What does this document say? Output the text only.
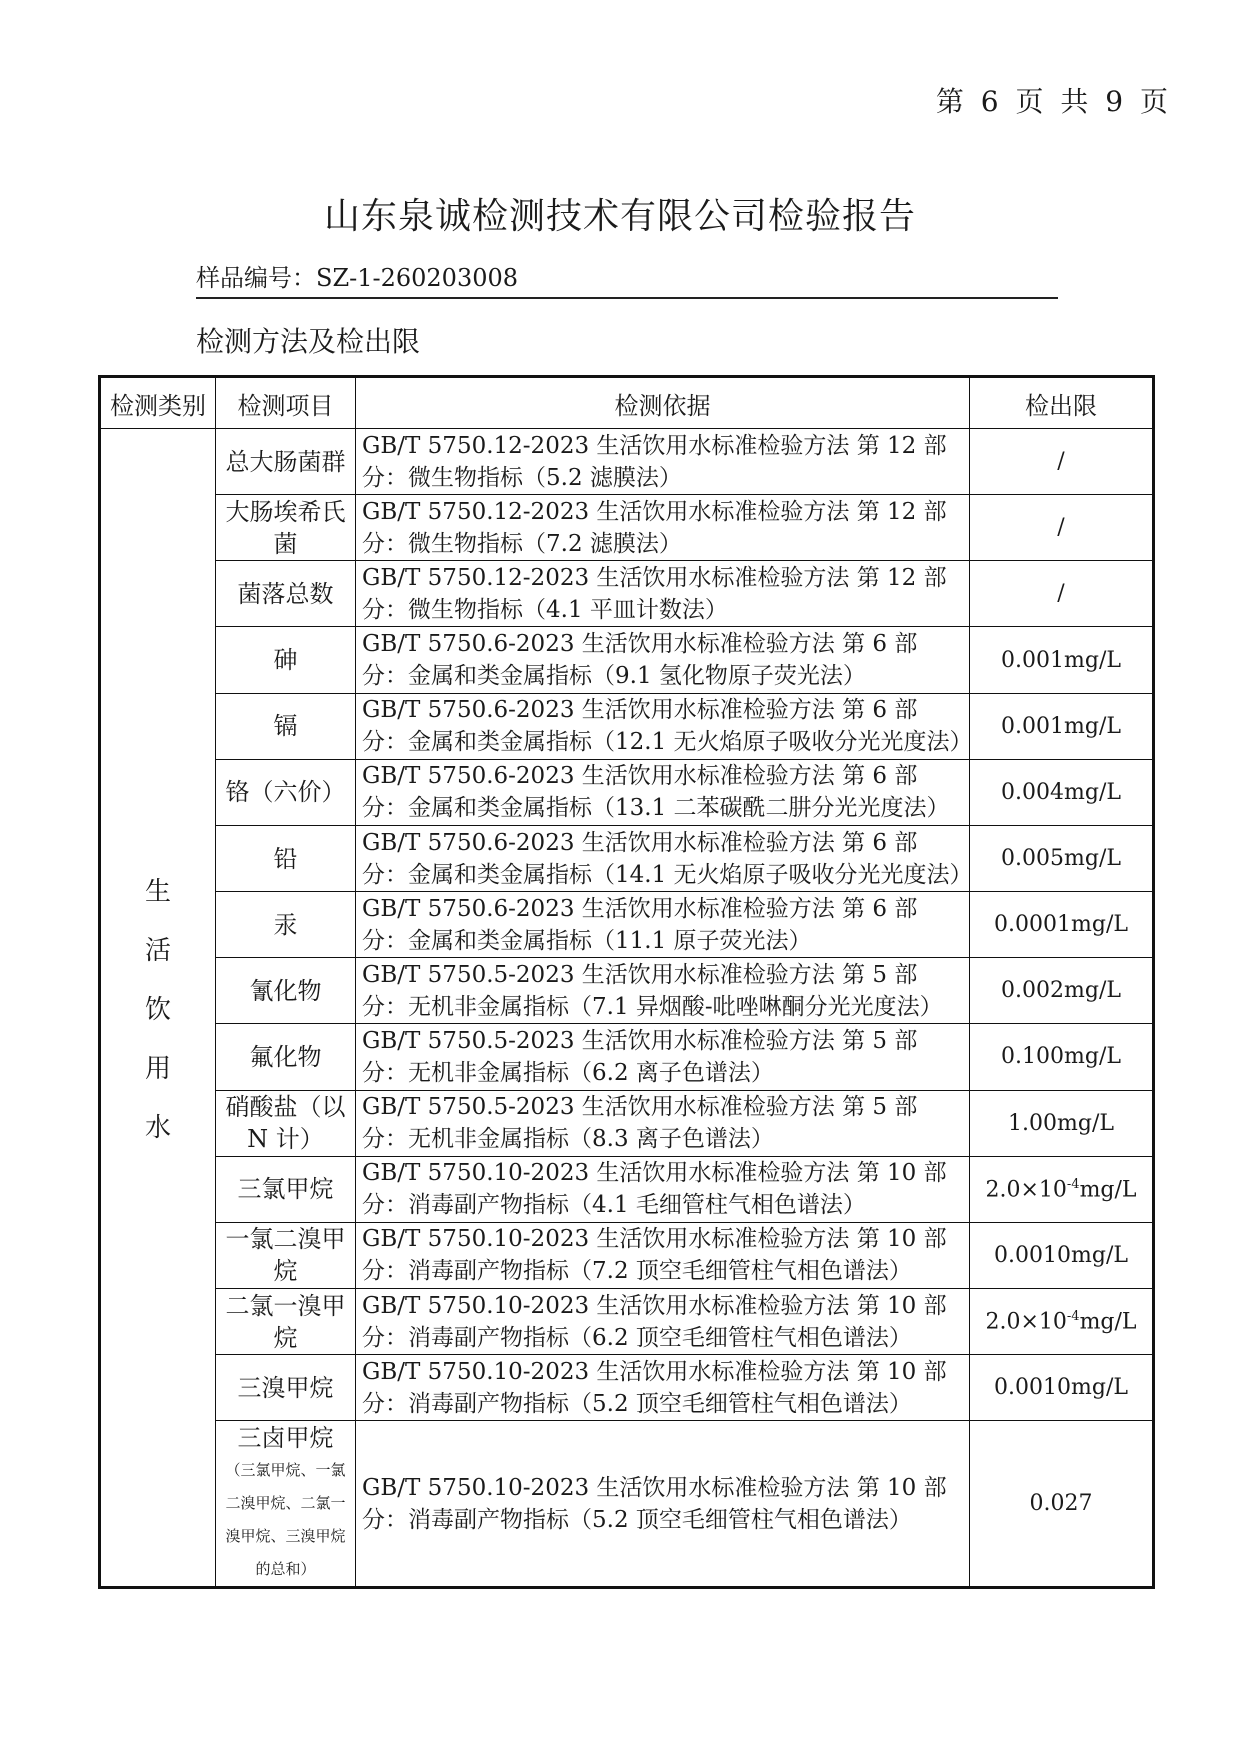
第 6 页 共 9 页
山东泉诚检测技术有限公司检验报告
样品编号：SZ-1-260203008
检测方法及检出限
检测类别	检测项目	检测依据	检出限

生
活
饮
用
水	总大肠菌群	GB/T 5750.12-2023 生活饮用水标准检验方法 第 12 部分：微生物指标（5.2 滤膜法）	/
	大肠埃希氏菌	GB/T 5750.12-2023 生活饮用水标准检验方法 第 12 部分：微生物指标（7.2 滤膜法）	/
	菌落总数	GB/T 5750.12-2023 生活饮用水标准检验方法 第 12 部分：微生物指标（4.1 平皿计数法）	/
	砷	GB/T 5750.6-2023 生活饮用水标准检验方法 第 6 部分：金属和类金属指标（9.1 氢化物原子荧光法）	0.001mg/L
	镉	GB/T 5750.6-2023 生活饮用水标准检验方法 第 6 部分：金属和类金属指标（12.1 无火焰原子吸收分光光度法）	0.001mg/L
	铬（六价）	GB/T 5750.6-2023 生活饮用水标准检验方法 第 6 部分：金属和类金属指标（13.1 二苯碳酰二肼分光光度法）	0.004mg/L
	铅	GB/T 5750.6-2023 生活饮用水标准检验方法 第 6 部分：金属和类金属指标（14.1 无火焰原子吸收分光光度法）	0.005mg/L
	汞	GB/T 5750.6-2023 生活饮用水标准检验方法 第 6 部分：金属和类金属指标（11.1 原子荧光法）	0.0001mg/L
	氰化物	GB/T 5750.5-2023 生活饮用水标准检验方法 第 5 部分：无机非金属指标（7.1 异烟酸-吡唑啉酮分光光度法）	0.002mg/L
	氟化物	GB/T 5750.5-2023 生活饮用水标准检验方法 第 5 部分：无机非金属指标（6.2 离子色谱法）	0.100mg/L
	硝酸盐（以 N 计）	GB/T 5750.5-2023 生活饮用水标准检验方法 第 5 部分：无机非金属指标（8.3 离子色谱法）	1.00mg/L
	三氯甲烷	GB/T 5750.10-2023 生活饮用水标准检验方法 第 10 部分：消毒副产物指标（4.1 毛细管柱气相色谱法）	$2.0\times 10^{-4}mg/L$
	一氯二溴甲烷	GB/T 5750.10-2023 生活饮用水标准检验方法 第 10 部分：消毒副产物指标（7.2 顶空毛细管柱气相色谱法）	0.0010mg/L
	二氯一溴甲烷	GB/T 5750.10-2023 生活饮用水标准检验方法 第 10 部分：消毒副产物指标（6.2 顶空毛细管柱气相色谱法）	$2.0\times 10^{-4}mg/L$
	三溴甲烷	GB/T 5750.10-2023 生活饮用水标准检验方法 第 10 部分：消毒副产物指标（5.2 顶空毛细管柱气相色谱法）	0.0010mg/L
	三卤甲烷
（三氯甲烷、一氯二溴甲烷、二氯一溴甲烷、三溴甲烷的总和）	GB/T 5750.10-2023 生活饮用水标准检验方法 第 10 部分：消毒副产物指标（5.2 顶空毛细管柱气相色谱法）	0.027
